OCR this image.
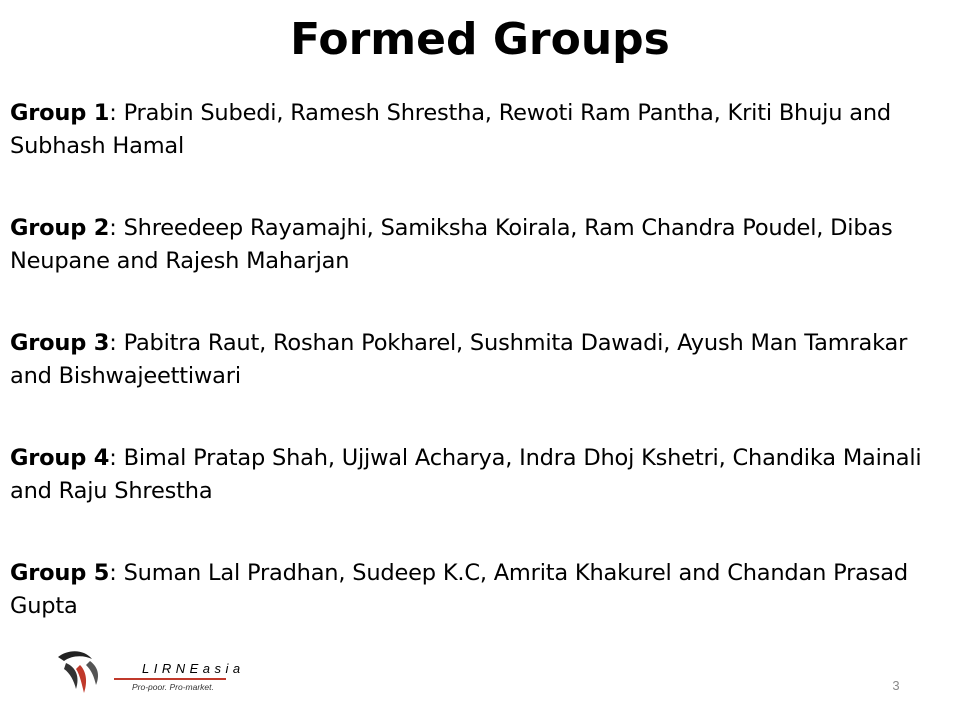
Formed Groups

Group 1: Prabin Subedi, Ramesh Shrestha, Rewoti Ram Pantha, Kriti Bhuju and Subhash Hamal

Group 2: Shreedeep Rayamajhi, Samiksha Koirala, Ram Chandra Poudel, Dibas Neupane and Rajesh Maharjan

Group 3: Pabitra Raut, Roshan Pokharel, Sushmita Dawadi, Ayush Man Tamrakar and Bishwajeettiwari

Group 4: Bimal Pratap Shah, Ujjwal Acharya, Indra Dhoj Kshetri, Chandika Mainali and Raju Shrestha

Group 5: Suman Lal Pradhan, Sudeep K.C, Amrita Khakurel and Chandan Prasad Gupta

LIRNEasia
Pro-poor. Pro-market.	3
